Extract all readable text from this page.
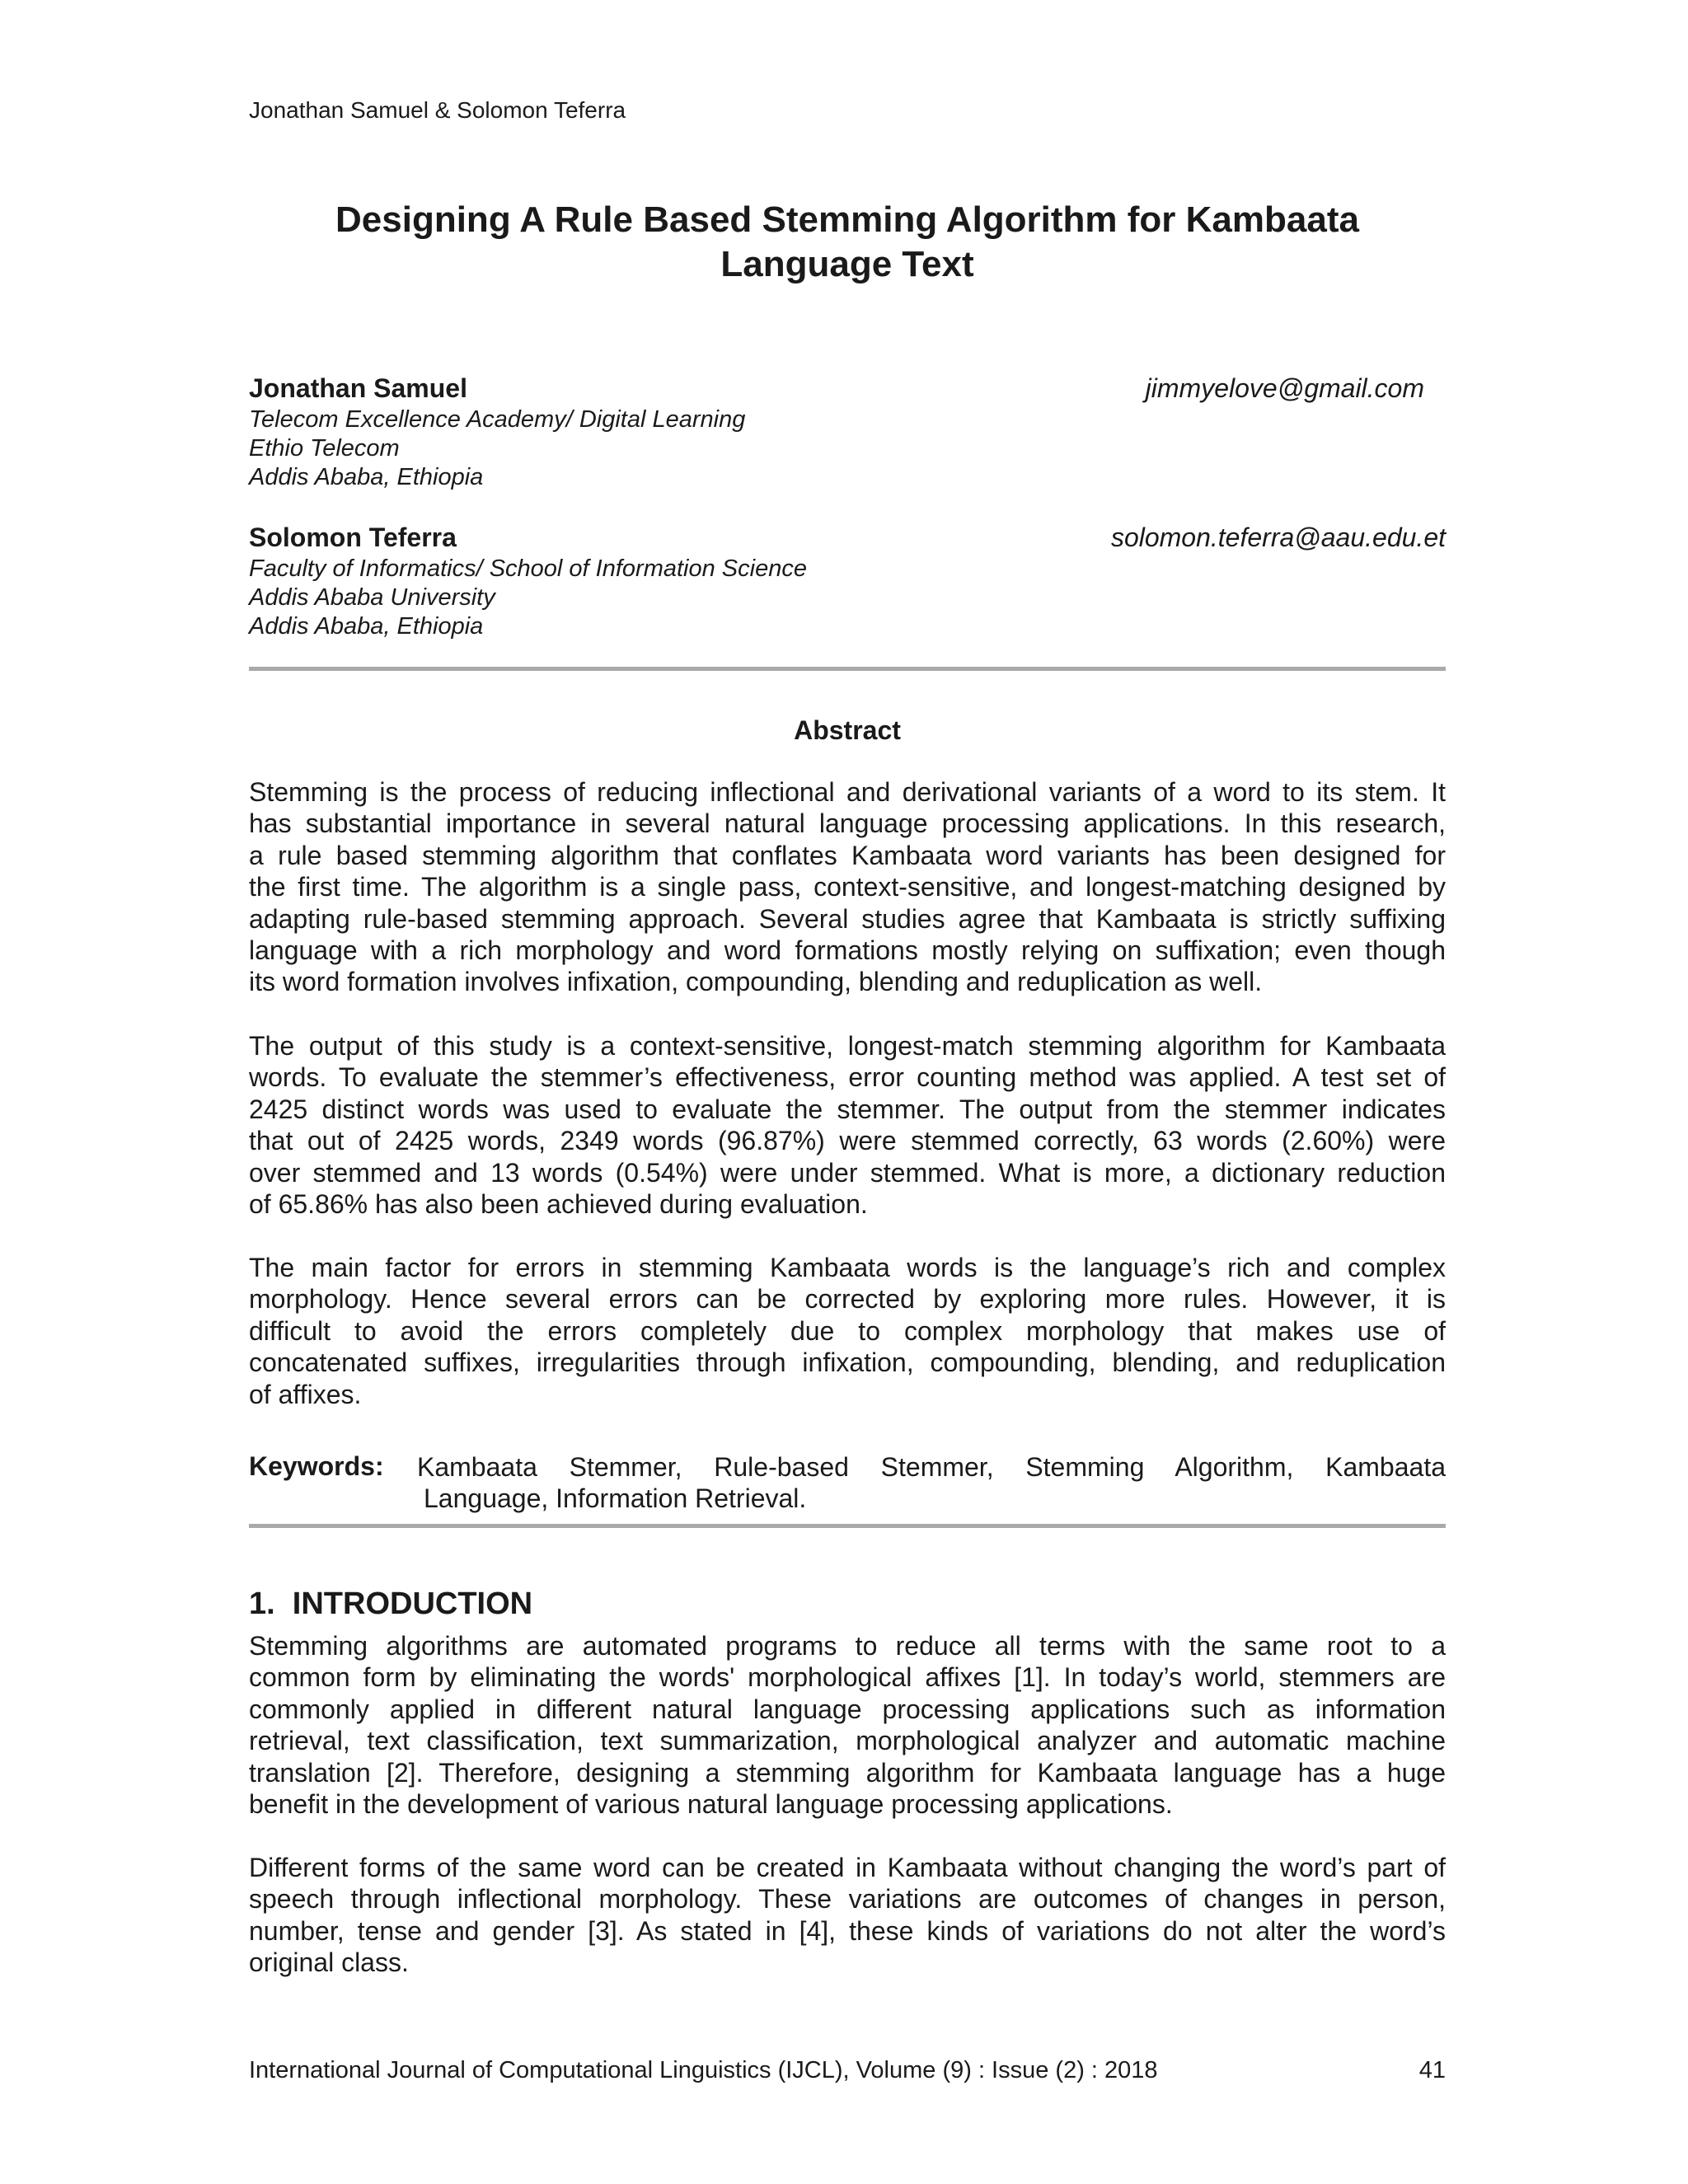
Jonathan Samuel & Solomon Teferra
Designing A Rule Based Stemming Algorithm for Kambaata
Language Text
Jonathan Samuel	jimmyelove@gmail.com
Telecom Excellence Academy/ Digital Learning
Ethio Telecom
Addis Ababa, Ethiopia
Solomon Teferra	solomon.teferra@aau.edu.et
Faculty of Informatics/ School of Information Science
Addis Ababa University
Addis Ababa, Ethiopia
Abstract
Stemming is the process of reducing inflectional and derivational variants of a word to its stem. It
has substantial importance in several natural language processing applications. In this research,
a rule based stemming algorithm that conflates Kambaata word variants has been designed for
the first time. The algorithm is a single pass, context-sensitive, and longest-matching designed by
adapting rule-based stemming approach. Several studies agree that Kambaata is strictly suffixing
language with a rich morphology and word formations mostly relying on suffixation; even though
its word formation involves infixation, compounding, blending and reduplication as well.
The output of this study is a context-sensitive, longest-match stemming algorithm for Kambaata
words. To evaluate the stemmer’s effectiveness, error counting method was applied. A test set of
2425 distinct words was used to evaluate the stemmer. The output from the stemmer indicates
that out of 2425 words, 2349 words (96.87%) were stemmed correctly, 63 words (2.60%) were
over stemmed and 13 words (0.54%) were under stemmed. What is more, a dictionary reduction
of 65.86% has also been achieved during evaluation.
The main factor for errors in stemming Kambaata words is the language’s rich and complex
morphology. Hence several errors can be corrected by exploring more rules. However, it is
difficult to avoid the errors completely due to complex morphology that makes use of
concatenated suffixes, irregularities through infixation, compounding, blending, and reduplication
of affixes.
Keywords: Kambaata Stemmer, Rule-based Stemmer, Stemming Algorithm, Kambaata
Language, Information Retrieval.
1.  INTRODUCTION
Stemming algorithms are automated programs to reduce all terms with the same root to a
common form by eliminating the words' morphological affixes [1]. In today’s world, stemmers are
commonly applied in different natural language processing applications such as information
retrieval, text classification, text summarization, morphological analyzer and automatic machine
translation [2]. Therefore, designing a stemming algorithm for Kambaata language has a huge
benefit in the development of various natural language processing applications.
Different forms of the same word can be created in Kambaata without changing the word’s part of
speech through inflectional morphology. These variations are outcomes of changes in person,
number, tense and gender [3]. As stated in [4], these kinds of variations do not alter the word’s
original class.
International Journal of Computational Linguistics (IJCL), Volume (9) : Issue (2) : 2018	41
